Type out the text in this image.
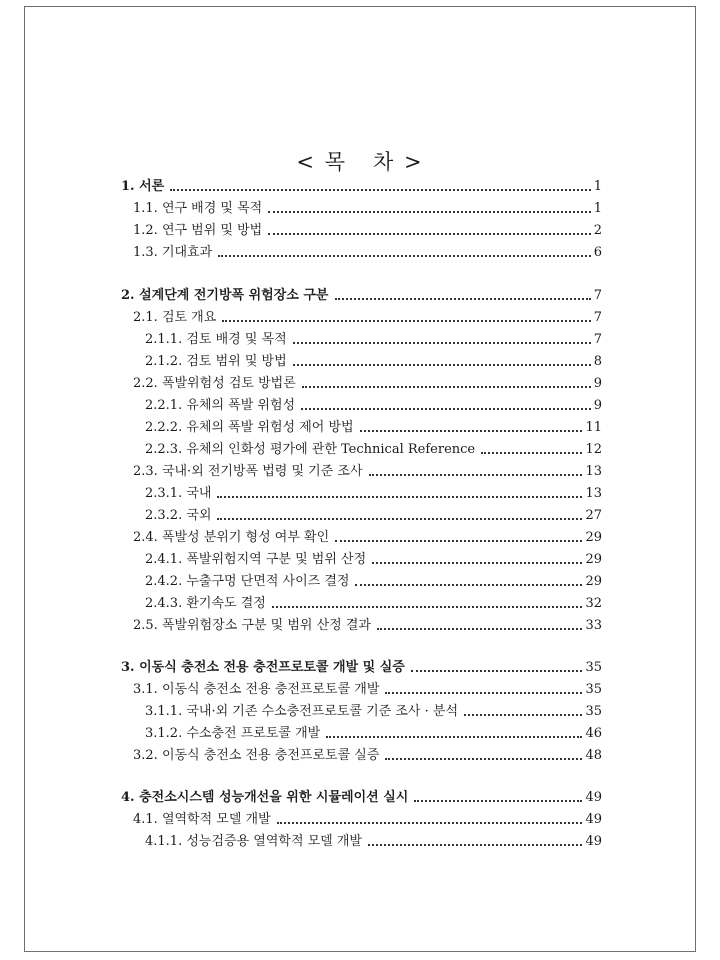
< 목   차 >
1. 서론	1
1.1. 연구 배경 및 목적	1
1.2. 연구 범위 및 방법	2
1.3. 기대효과	6
2. 설계단계 전기방폭 위험장소 구분	7
2.1. 검토 개요	7
2.1.1. 검토 배경 및 목적	7
2.1.2. 검토 범위 및 방법	8
2.2. 폭발위험성 검토 방법론	9
2.2.1. 유체의 폭발 위험성	9
2.2.2. 유체의 폭발 위험성 제어 방법	11
2.2.3. 유체의 인화성 평가에 관한 Technical Reference	12
2.3. 국내·외 전기방폭 법령 및 기준 조사	13
2.3.1. 국내	13
2.3.2. 국외	27
2.4. 폭발성 분위기 형성 여부 확인	29
2.4.1. 폭발위험지역 구분 및 범위 산정	29
2.4.2. 누출구멍 단면적 사이즈 결정	29
2.4.3. 환기속도 결정	32
2.5. 폭발위험장소 구분 및 범위 산정 결과	33
3. 이동식 충전소 전용 충전프로토콜 개발 및 실증	35
3.1. 이동식 충전소 전용 충전프로토콜 개발	35
3.1.1. 국내·외 기존 수소충전프로토콜 기준 조사 · 분석	35
3.1.2. 수소충전 프로토콜 개발	46
3.2. 이동식 충전소 전용 충전프로토콜 실증	48
4. 충전소시스템 성능개선을 위한 시뮬레이션 실시	49
4.1. 열역학적 모델 개발	49
4.1.1. 성능검증용 열역학적 모델 개발	49
